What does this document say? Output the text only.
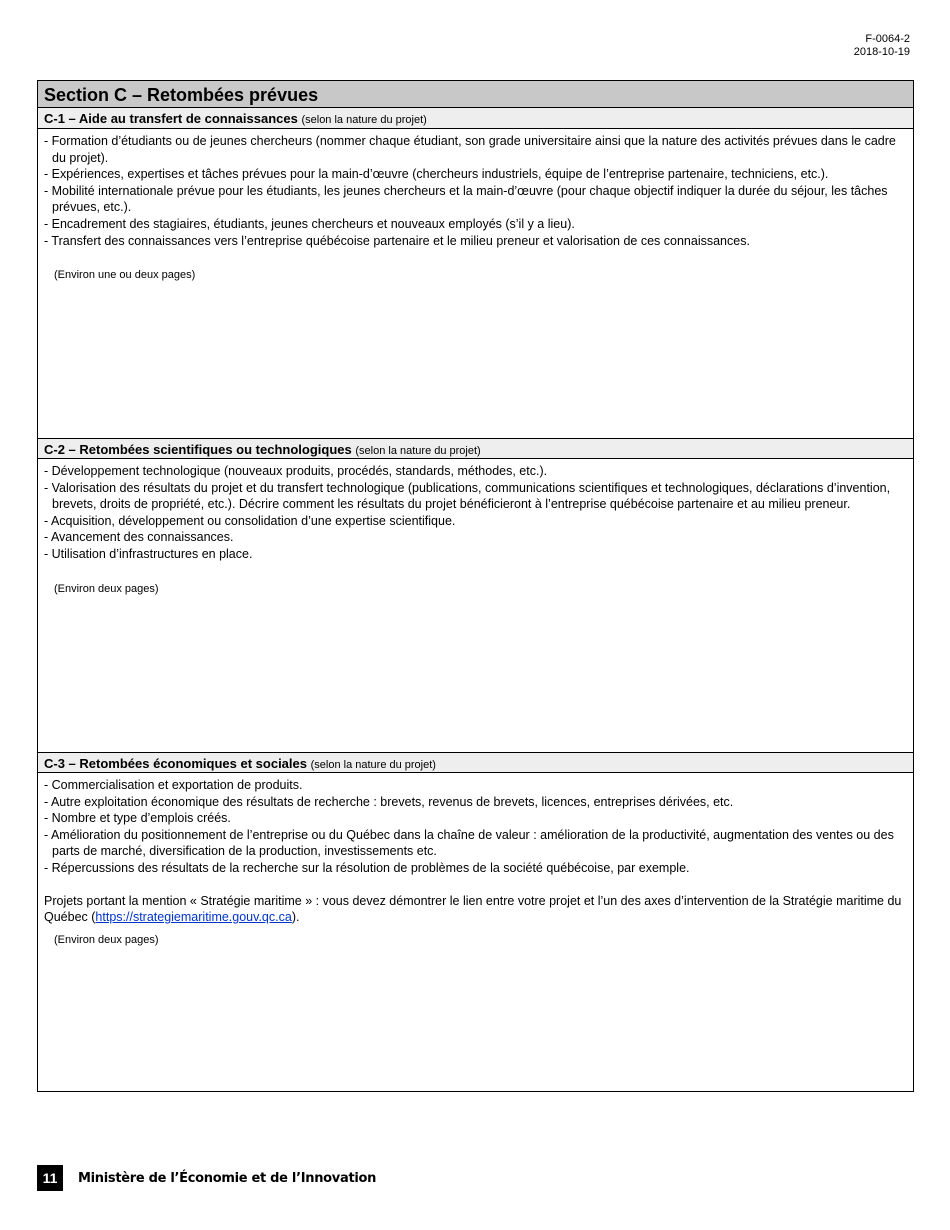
F-0064-2
2018-10-19
Section C – Retombées prévues
C-1 – Aide au transfert de connaissances (selon la nature du projet)
- Formation d’étudiants ou de jeunes chercheurs (nommer chaque étudiant, son grade universitaire ainsi que la nature des activités prévues dans le cadre du projet).
- Expériences, expertises et tâches prévues pour la main-d’œuvre (chercheurs industriels, équipe de l’entreprise partenaire, techniciens, etc.).
- Mobilité internationale prévue pour les étudiants, les jeunes chercheurs et la main-d’œuvre (pour chaque objectif indiquer la durée du séjour, les tâches prévues, etc.).
- Encadrement des stagiaires, étudiants, jeunes chercheurs et nouveaux employés (s’il y a lieu).
- Transfert des connaissances vers l’entreprise québécoise partenaire et le milieu preneur et valorisation de ces connaissances.
(Environ une ou deux pages)
C-2 – Retombées scientifiques ou technologiques (selon la nature du projet)
- Développement technologique (nouveaux produits, procédés, standards, méthodes, etc.).
- Valorisation des résultats du projet et du transfert technologique (publications, communications scientifiques et technologiques, déclarations d’invention, brevets, droits de propriété, etc.). Décrire comment les résultats du projet bénéficieront à l’entreprise québécoise partenaire et au milieu preneur.
- Acquisition, développement ou consolidation d’une expertise scientifique.
- Avancement des connaissances.
- Utilisation d’infrastructures en place.
(Environ deux pages)
C-3 – Retombées économiques et sociales (selon la nature du projet)
- Commercialisation et exportation de produits.
- Autre exploitation économique des résultats de recherche : brevets, revenus de brevets, licences, entreprises dérivées, etc.
- Nombre et type d’emplois créés.
- Amélioration du positionnement de l’entreprise ou du Québec dans la chaîne de valeur : amélioration de la productivité, augmentation des ventes ou des parts de marché, diversification de la production, investissements etc.
- Répercussions des résultats de la recherche sur la résolution de problèmes de la société québécoise, par exemple.
Projets portant la mention « Stratégie maritime » : vous devez démontrer le lien entre votre projet et l’un des axes d’intervention de la Stratégie maritime du Québec (https://strategiemaritime.gouv.qc.ca).
(Environ deux pages)
11	Ministère de l’Économie et de l’Innovation
